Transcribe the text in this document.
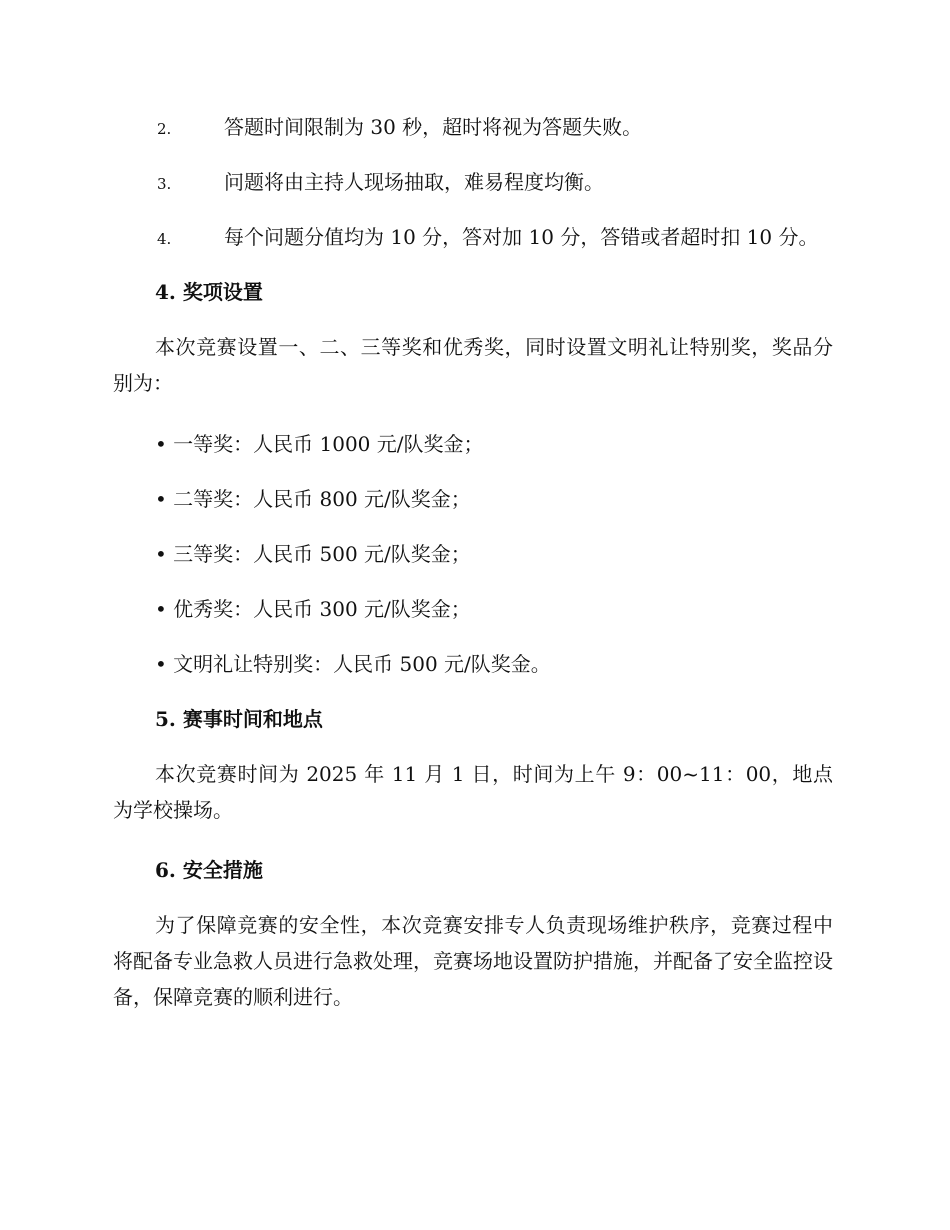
2.	答题时间限制为 30 秒，超时将视为答题失败。
3.	问题将由主持人现场抽取，难易程度均衡。
4.	每个问题分值均为 10 分，答对加 10 分，答错或者超时扣 10 分。
4. 奖项设置
本次竞赛设置一、二、三等奖和优秀奖，同时设置文明礼让特别奖，奖品分别为：
• 一等奖：人民币 1000 元/队奖金；
• 二等奖：人民币 800 元/队奖金；
• 三等奖：人民币 500 元/队奖金；
• 优秀奖：人民币 300 元/队奖金；
• 文明礼让特别奖：人民币 500 元/队奖金。
5. 赛事时间和地点
本次竞赛时间为 2025 年 11 月 1 日，时间为上午 9：00~11：00，地点为学校操场。
6. 安全措施
为了保障竞赛的安全性，本次竞赛安排专人负责现场维护秩序，竞赛过程中将配备专业急救人员进行急救处理，竞赛场地设置防护措施，并配备了安全监控设备，保障竞赛的顺利进行。
